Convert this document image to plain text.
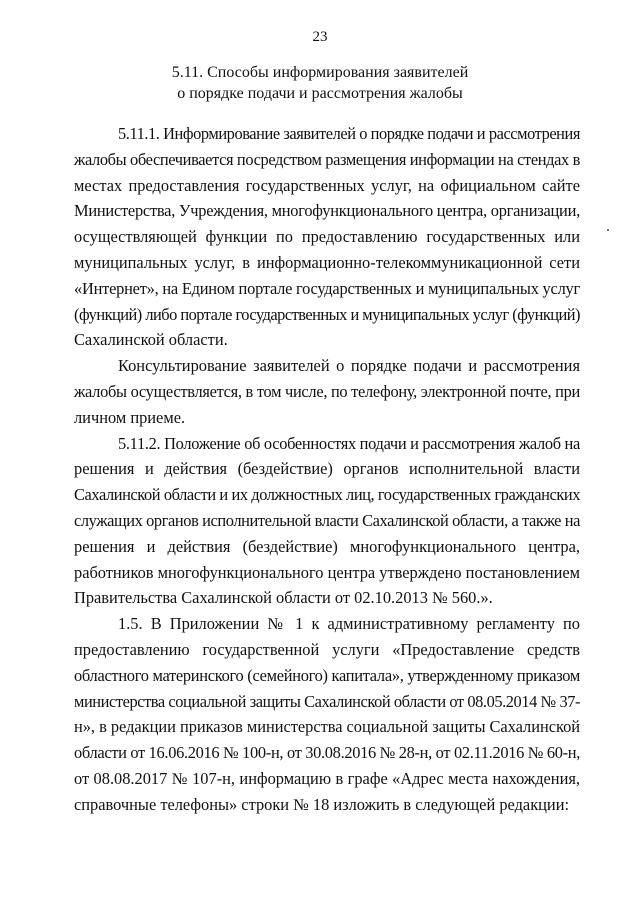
23
5.11. Способы информирования заявителей
о порядке подачи и рассмотрения жалобы
5.11.1. Информирование заявителей о порядке подачи и рассмотрения
жалобы обеспечивается посредством размещения информации на стендах в
местах предоставления государственных услуг, на официальном сайте
Министерства, Учреждения, многофункционального центра, организации,
осуществляющей функции по предоставлению государственных или
муниципальных услуг, в информационно-телекоммуникационной сети
«Интернет», на Едином портале государственных и муниципальных услуг
(функций) либо портале государственных и муниципальных услуг (функций)
Сахалинской области.
Консультирование заявителей о порядке подачи и рассмотрения
жалобы осуществляется, в том числе, по телефону, электронной почте, при
личном приеме.
5.11.2. Положение об особенностях подачи и рассмотрения жалоб на
решения и действия (бездействие) органов исполнительной власти
Сахалинской области и их должностных лиц, государственных гражданских
служащих органов исполнительной власти Сахалинской области, а также на
решения и действия (бездействие) многофункционального центра,
работников многофункционального центра утверждено постановлением
Правительства Сахалинской области от 02.10.2013 № 560.».
1.5. В Приложении № 1 к административному регламенту по
предоставлению государственной услуги «Предоставление средств
областного материнского (семейного) капитала», утвержденному приказом
министерства социальной защиты Сахалинской области от 08.05.2014 № 37-
н», в редакции приказов министерства социальной защиты Сахалинской
области от 16.06.2016 № 100-н, от 30.08.2016 № 28-н, от 02.11.2016 № 60-н,
от 08.08.2017 № 107-н, информацию в графе «Адрес места нахождения,
справочные телефоны» строки № 18 изложить в следующей редакции:
